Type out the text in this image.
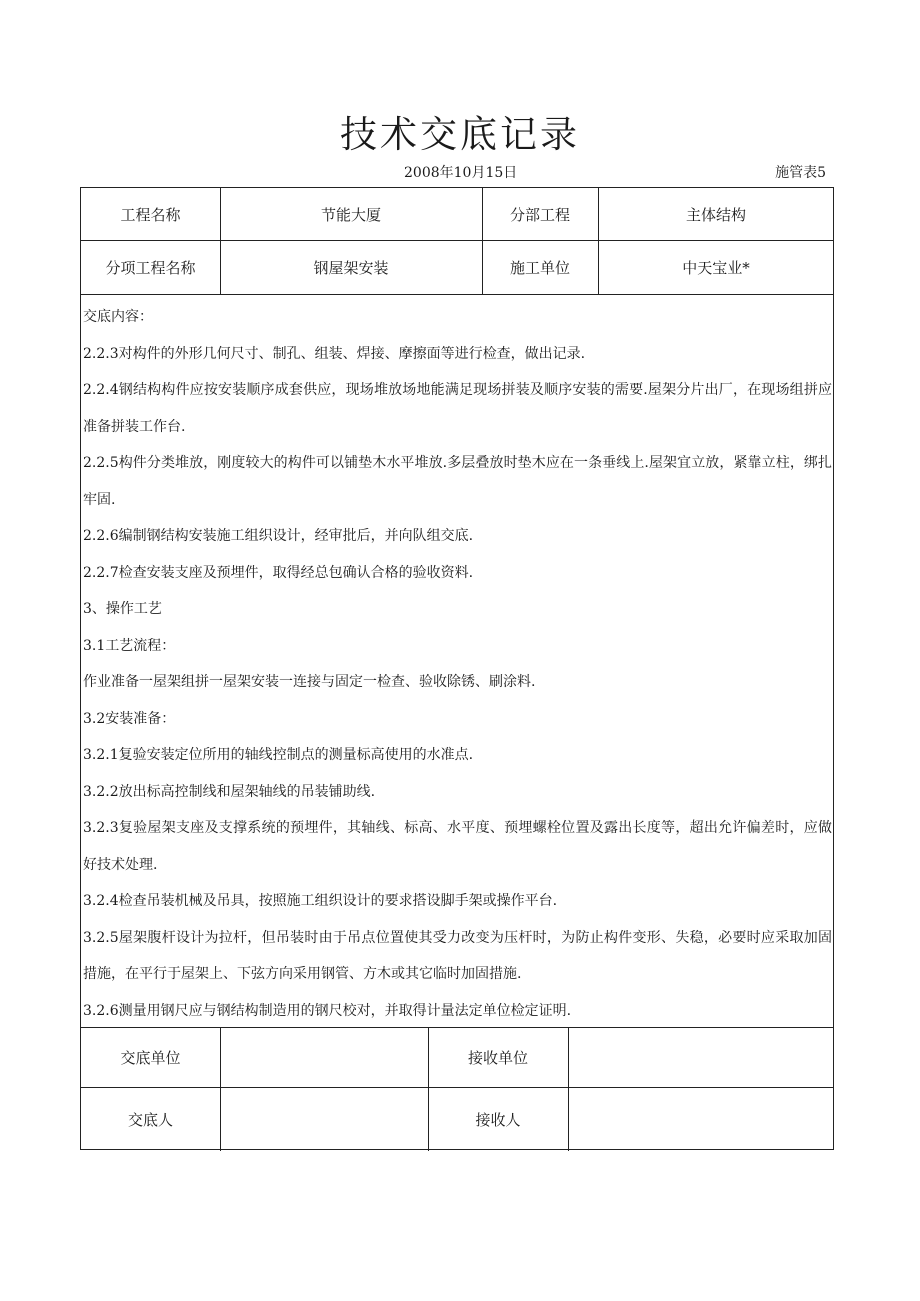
技术交底记录
2008年10月15日	施管表5
工程名称	节能大厦	分部工程	主体结构
分项工程名称	钢屋架安装	施工单位	中天宝业*

交底内容：

2.2.3对构件的外形几何尺寸、制孔、组装、焊接、摩擦面等进行检查，做出记录.

2.2.4钢结构构件应按安装顺序成套供应，现场堆放场地能满足现场拼装及顺序安装的需要.屋架分片出厂，在现场组拼应准备拼装工作台.

2.2.5构件分类堆放，刚度较大的构件可以铺垫木水平堆放.多层叠放时垫木应在一条垂线上.屋架宜立放，紧靠立柱，绑扎牢固.

2.2.6编制钢结构安装施工组织设计，经审批后，并向队组交底.

2.2.7检查安装支座及预埋件，取得经总包确认合格的验收资料.

3、操作工艺

3.1工艺流程：

作业准备一屋架组拼一屋架安装一连接与固定一检查、验收除锈、刷涂料.

3.2安装准备：

3.2.1复验安装定位所用的轴线控制点的测量标高使用的水准点.

3.2.2放出标高控制线和屋架轴线的吊装铺助线.

3.2.3复验屋架支座及支撑系统的预埋件，其轴线、标高、水平度、预埋螺栓位置及露出长度等，超出允许偏差时，应做好技术处理.

3.2.4检查吊装机械及吊具，按照施工组织设计的要求搭设脚手架或操作平台.

3.2.5屋架腹杆设计为拉杆，但吊装时由于吊点位置使其受力改变为压杆时，为防止构件变形、失稳，必要时应采取加固措施，在平行于屋架上、下弦方向采用钢管、方木或其它临时加固措施.

3.2.6测量用钢尺应与钢结构制造用的钢尺校对，并取得计量法定单位检定证明.

交底单位	接收单位
交底人	接收人
